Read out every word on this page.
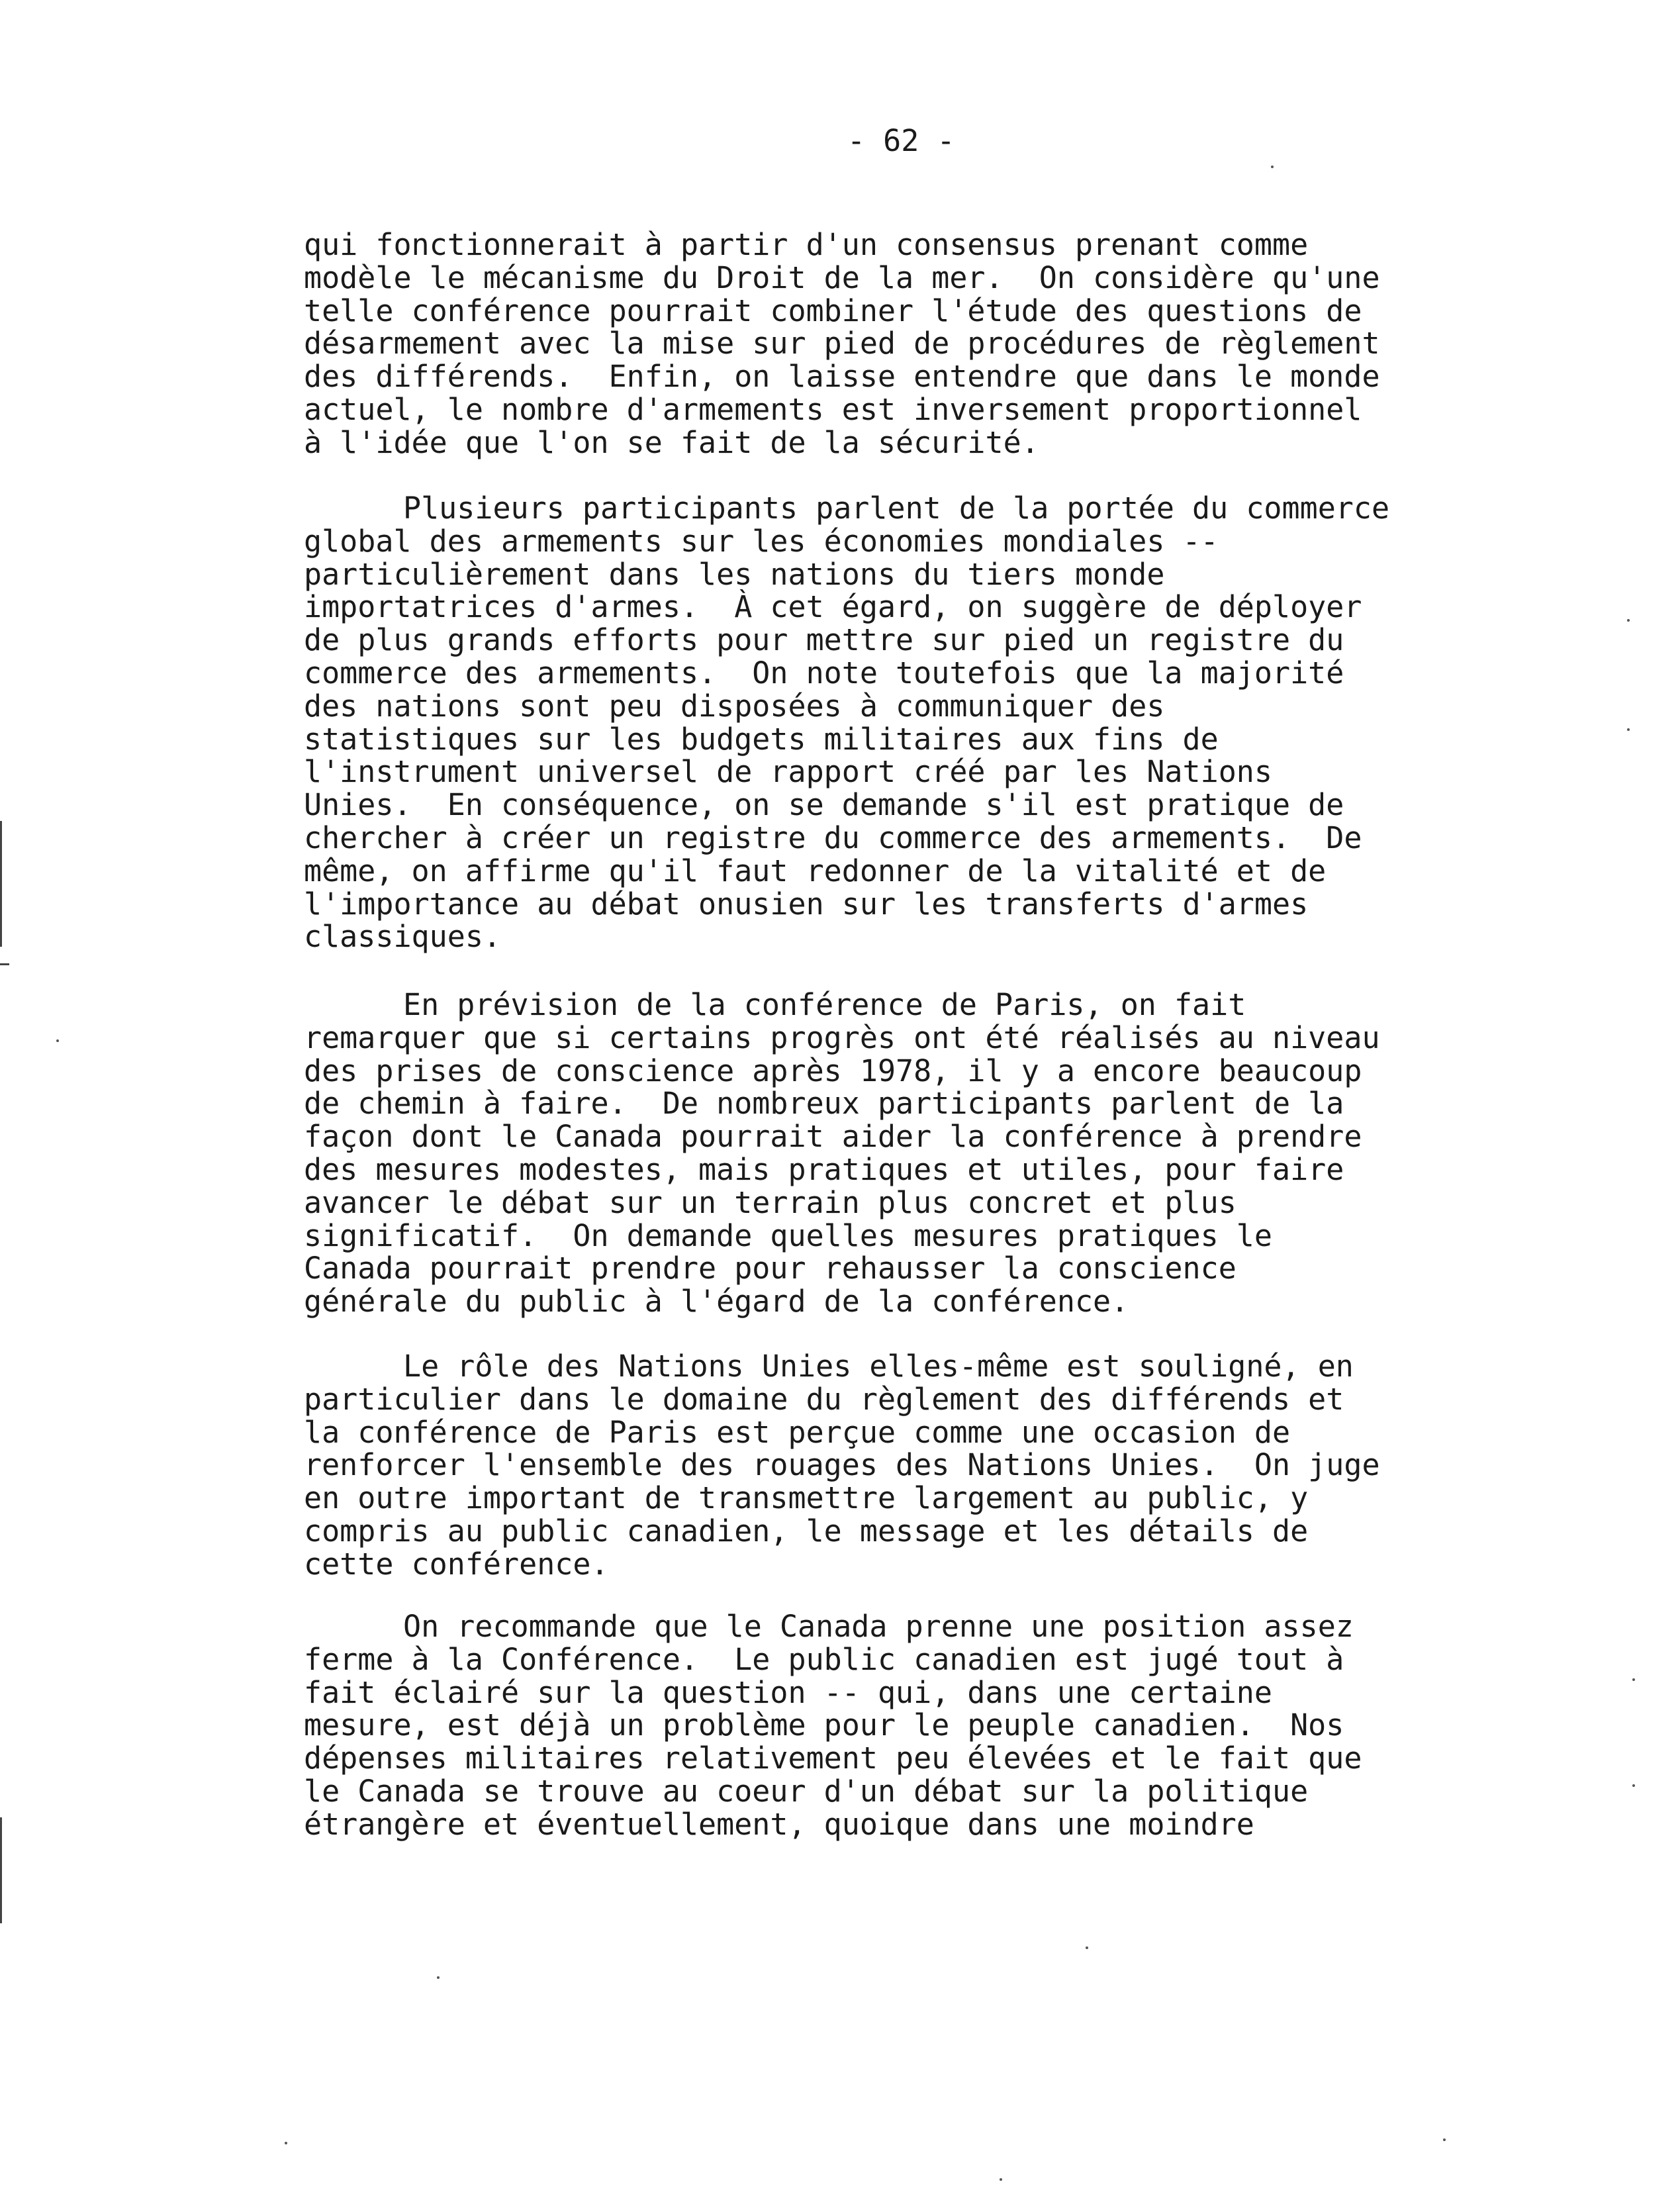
- 62 -
qui fonctionnerait à partir d'un consensus prenant comme
modèle le mécanisme du Droit de la mer.  On considère qu'une
telle conférence pourrait combiner l'étude des questions de
désarmement avec la mise sur pied de procédures de règlement
des différends.  Enfin, on laisse entendre que dans le monde
actuel, le nombre d'armements est inversement proportionnel
à l'idée que l'on se fait de la sécurité.
Plusieurs participants parlent de la portée du commerce
global des armements sur les économies mondiales --
particulièrement dans les nations du tiers monde
importatrices d'armes.  À cet égard, on suggère de déployer
de plus grands efforts pour mettre sur pied un registre du
commerce des armements.  On note toutefois que la majorité
des nations sont peu disposées à communiquer des
statistiques sur les budgets militaires aux fins de
l'instrument universel de rapport créé par les Nations
Unies.  En conséquence, on se demande s'il est pratique de
chercher à créer un registre du commerce des armements.  De
même, on affirme qu'il faut redonner de la vitalité et de
l'importance au débat onusien sur les transferts d'armes
classiques.
En prévision de la conférence de Paris, on fait
remarquer que si certains progrès ont été réalisés au niveau
des prises de conscience après 1978, il y a encore beaucoup
de chemin à faire.  De nombreux participants parlent de la
façon dont le Canada pourrait aider la conférence à prendre
des mesures modestes, mais pratiques et utiles, pour faire
avancer le débat sur un terrain plus concret et plus
significatif.  On demande quelles mesures pratiques le
Canada pourrait prendre pour rehausser la conscience
générale du public à l'égard de la conférence.
Le rôle des Nations Unies elles-même est souligné, en
particulier dans le domaine du règlement des différends et
la conférence de Paris est perçue comme une occasion de
renforcer l'ensemble des rouages des Nations Unies.  On juge
en outre important de transmettre largement au public, y
compris au public canadien, le message et les détails de
cette conférence.
On recommande que le Canada prenne une position assez
ferme à la Conférence.  Le public canadien est jugé tout à
fait éclairé sur la question -- qui, dans une certaine
mesure, est déjà un problème pour le peuple canadien.  Nos
dépenses militaires relativement peu élevées et le fait que
le Canada se trouve au coeur d'un débat sur la politique
étrangère et éventuellement, quoique dans une moindre
